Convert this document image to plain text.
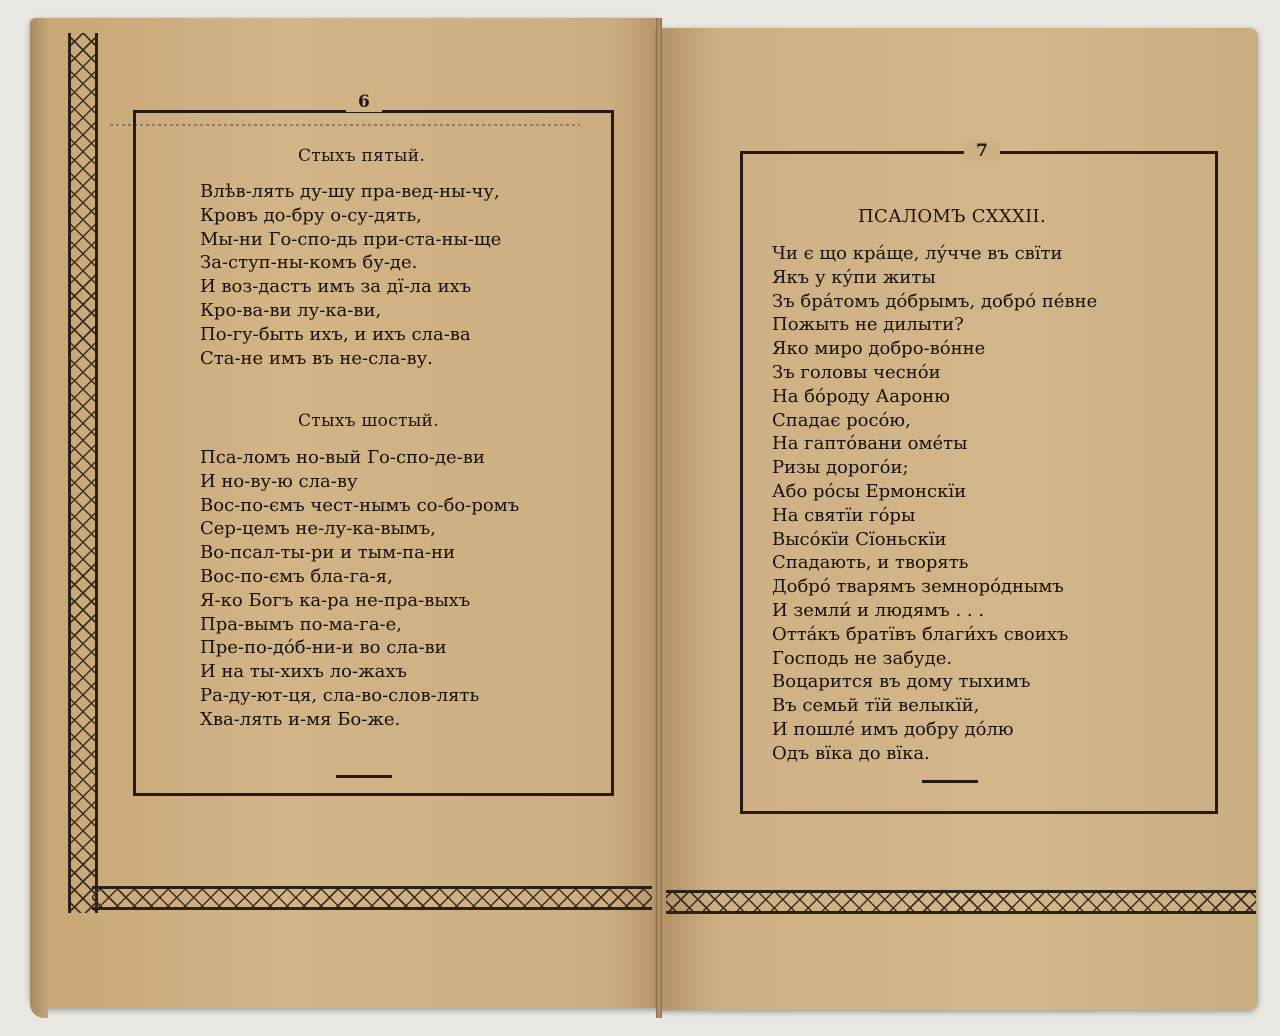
6
Стыхъ пятый.
Влѣв-лять ду-шу пра-вед-ны-чу,
Кровъ до-бру о-су-дять,
Мы-ни Го-спо-дь при-ста-ны-ще
За-ступ-ны-комъ бу-де.
И воз-дастъ имъ за дї-ла ихъ
Кро-ва-ви лу-ка-ви,
По-гу-быть ихъ, и ихъ сла-ва
Ста-не имъ въ не-сла-ву.
Стыхъ шостый.
Пса-ломъ но-вый Го-спо-де-ви
И но-ву-ю сла-ву
Вос-по-ємъ чест-нымъ со-бо-ромъ
Сер-цемъ не-лу-ка-вымъ,
Во-псал-ты-ри и тым-па-ни
Вос-по-ємъ бла-га-я,
Я-ко Богъ ка-ра не-пра-выхъ
Пра-вымъ по-ма-га-е,
Пре-по-до́б-ни-и во сла-ви
И на ты-хихъ ло-жахъ
Ра-ду-ют-ця, сла-во-слов-лять
Хва-лять и-мя Бо-же.
7
ПСАЛОМЪ CXXXII.
Чи є що кра́ще, лу́чче въ свïти
Якъ у ку́пи житы
Зъ бра́томъ до́брымъ, добро́ пе́вне
Пожыть не дилыти?
Яко миро добро-во́нне
Зъ головы чесно́и
На бо́роду Аароню
Спадає росо́ю,
На гапто́вани оме́ты
Ризы дорого́и;
Або ро́сы Ермонскïи
На святïи го́ры
Высо́кïи Сïоньскïи
Спадають, и творять
Добро́ тварямъ земноро́днымъ
И земли́ и людямъ . . .
Отта́къ братïвъ благи́хъ своихъ
Господь не забуде.
Воцарится въ дому тыхимъ
Въ семьй тïй велыкïй,
И пошле́ имъ добру до́лю
Одъ вïка до вïка.
